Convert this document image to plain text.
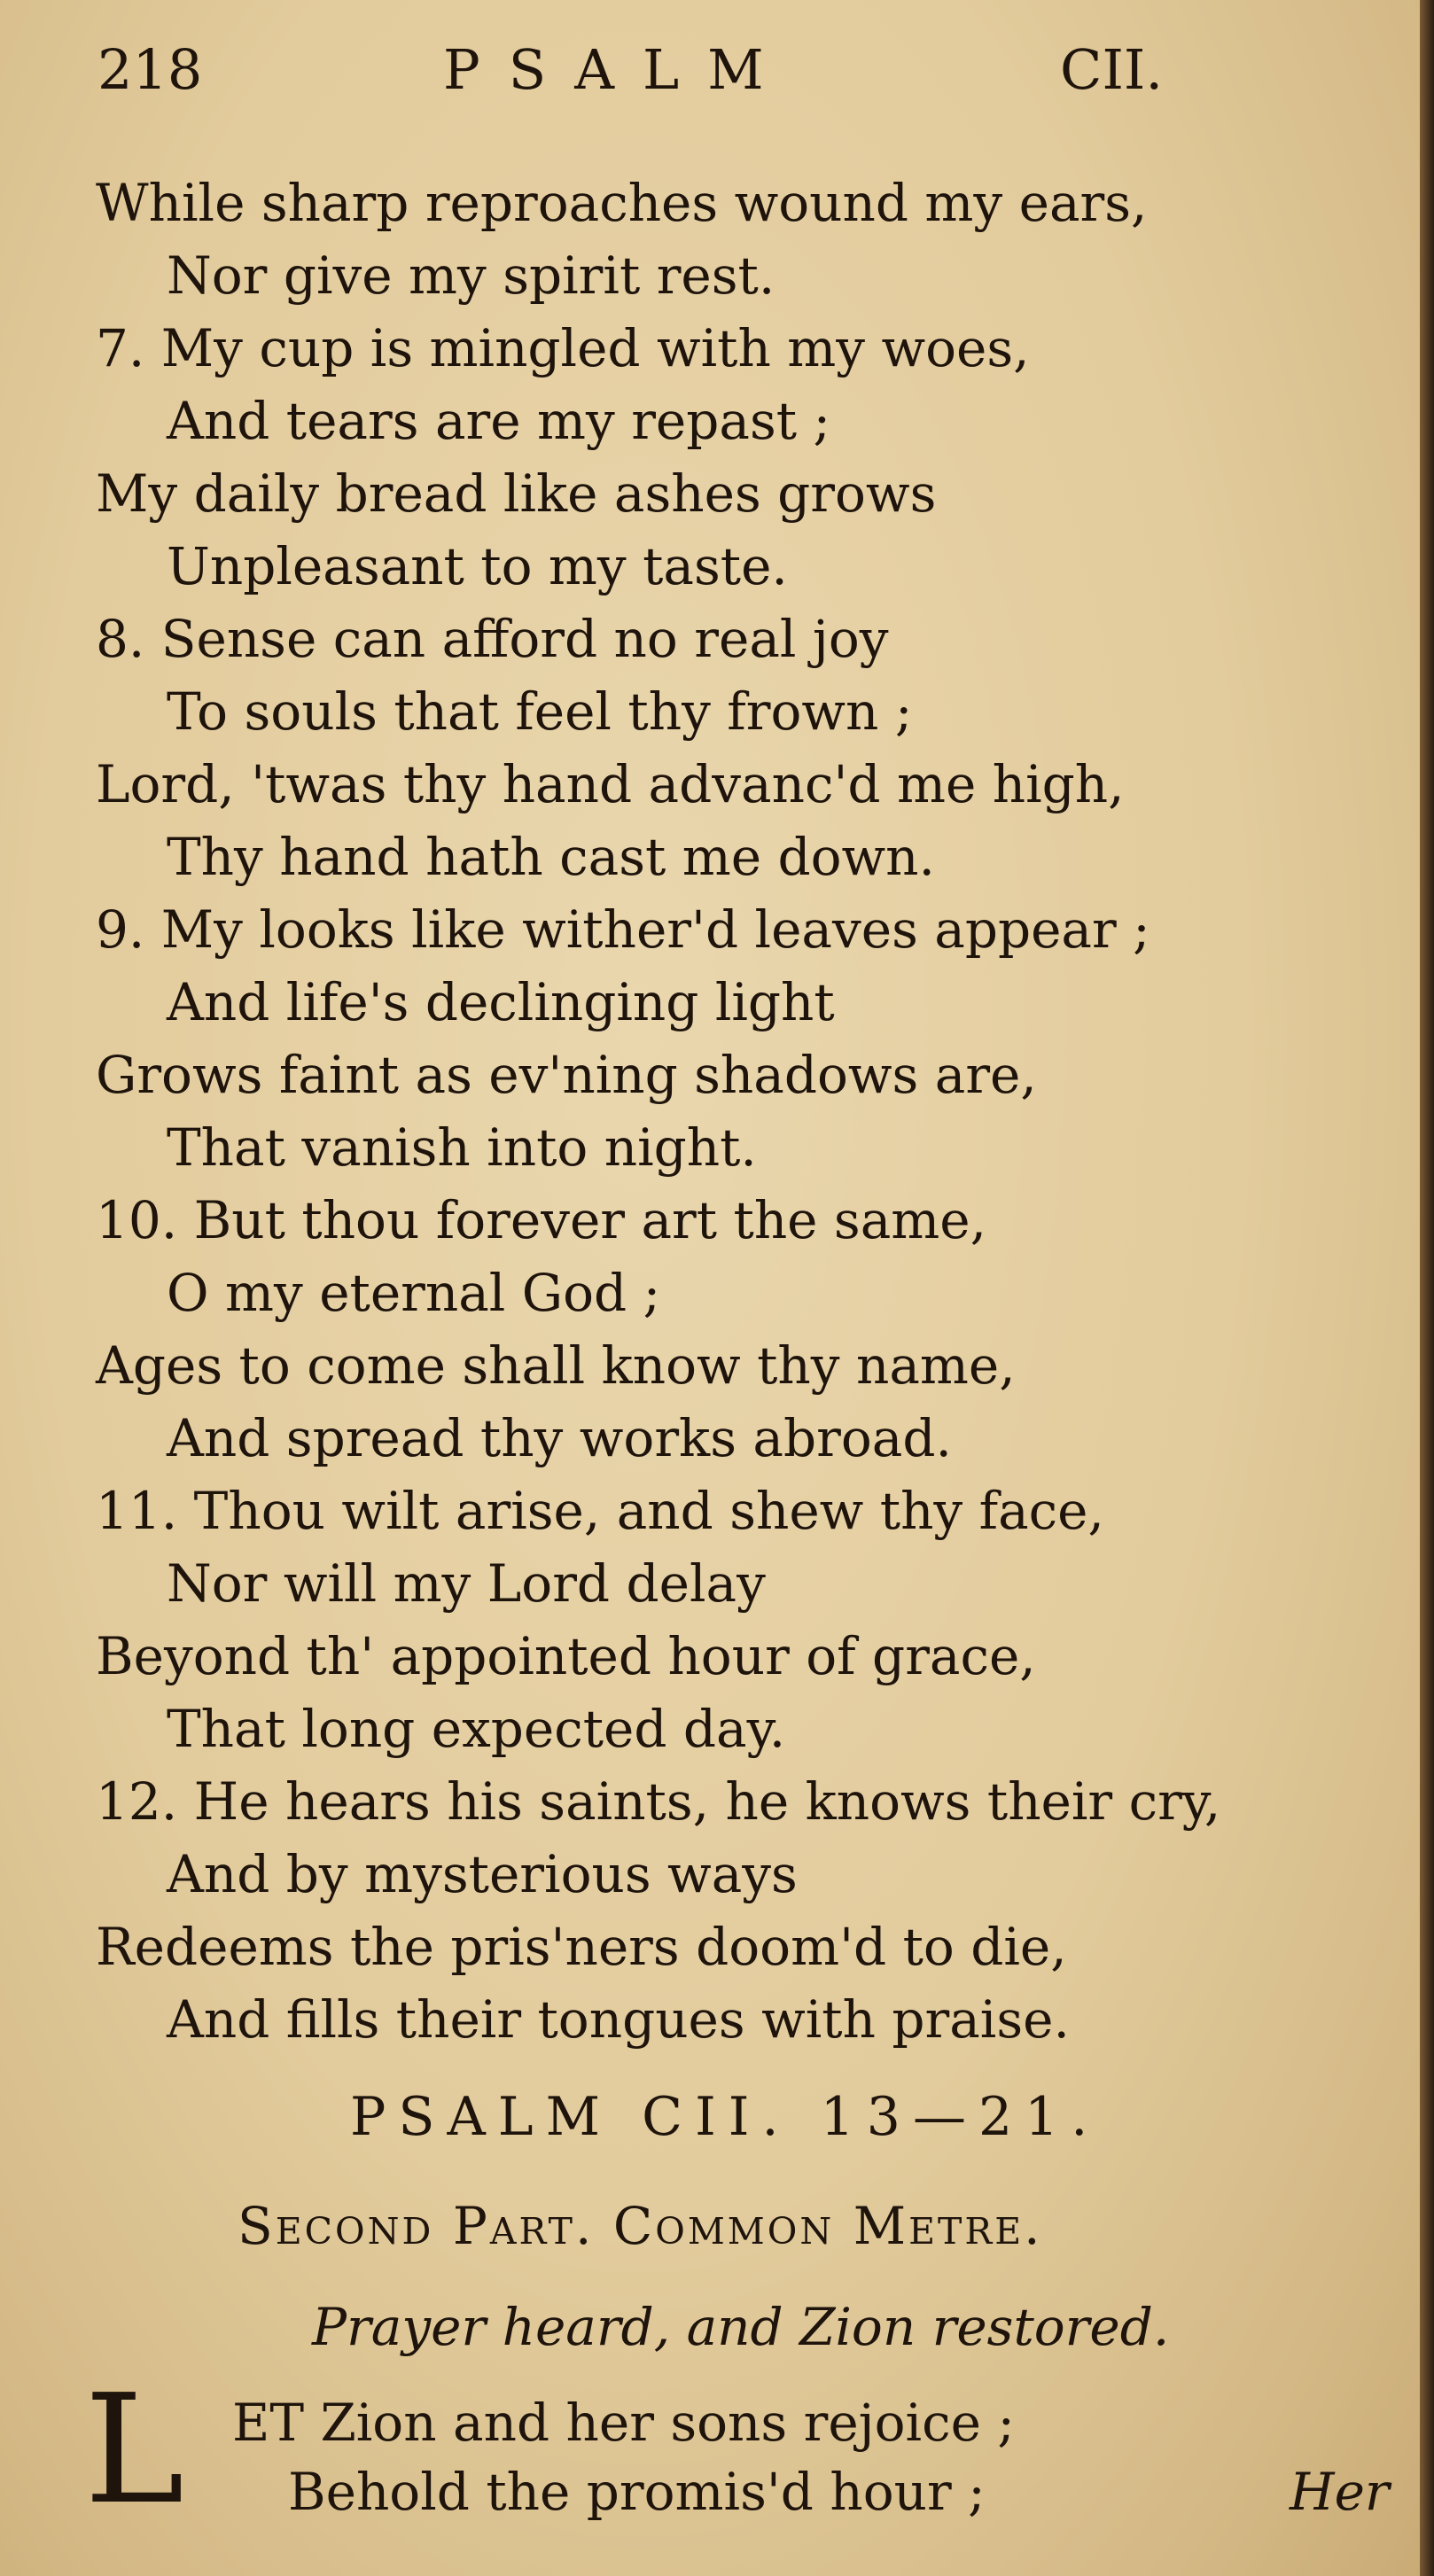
218	PSALM	CII.
While sharp reproaches wound my ears,
Nor give my spirit rest.
7. My cup is mingled with my woes,
And tears are my repast ;
My daily bread like ashes grows
Unpleasant to my taste.
8. Sense can afford no real joy
To souls that feel thy frown ;
Lord, 'twas thy hand advanc'd me high,
Thy hand hath cast me down.
9. My looks like wither'd leaves appear ;
And life's declinging light
Grows faint as ev'ning shadows are,
That vanish into night.
10. But thou forever art the same,
O my eternal God ;
Ages to come shall know thy name,
And spread thy works abroad.
11. Thou wilt arise, and shew thy face,
Nor will my Lord delay
Beyond th' appointed hour of grace,
That long expected day.
12. He hears his saints, he knows their cry,
And by mysterious ways
Redeems the pris'ners doom'd to die,
And fills their tongues with praise.
PSALM CII. 13—21.
Second Part. Common Metre.
Prayer heard, and Zion restored.
L ET Zion and her sons rejoice ;
Behold the promis'd hour ;	Her
